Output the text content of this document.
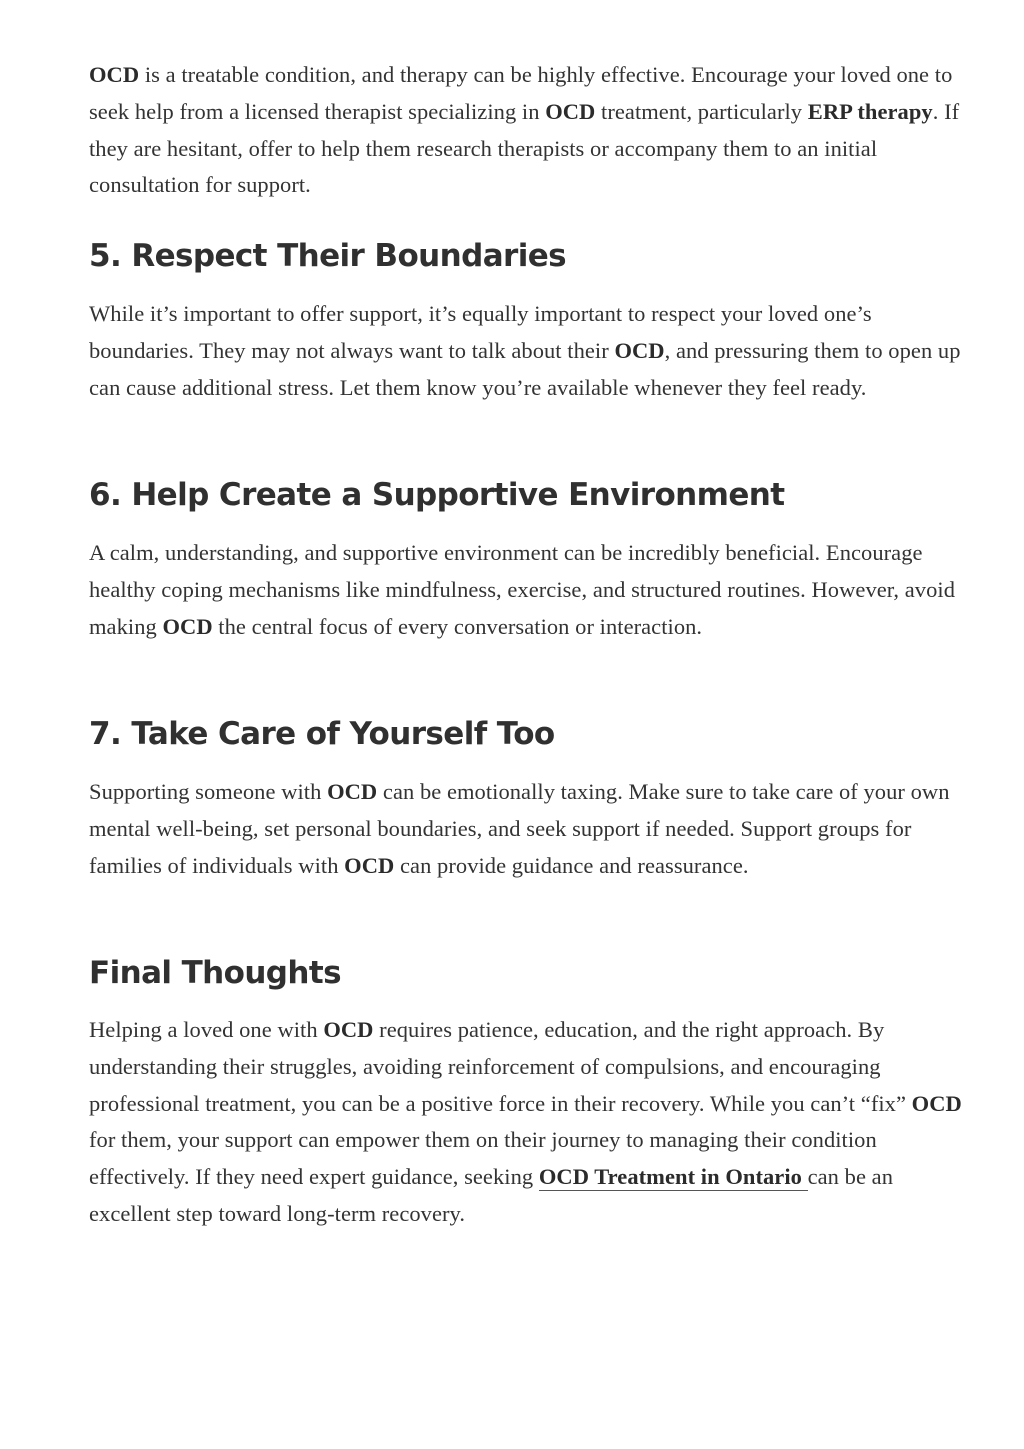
OCD is a treatable condition, and therapy can be highly effective. Encourage your loved one to seek help from a licensed therapist specializing in OCD treatment, particularly ERP therapy. If they are hesitant, offer to help them research therapists or accompany them to an initial consultation for support.

5. Respect Their Boundaries

While it’s important to offer support, it’s equally important to respect your loved one’s boundaries. They may not always want to talk about their OCD, and pressuring them to open up can cause additional stress. Let them know you’re available whenever they feel ready.

6. Help Create a Supportive Environment

A calm, understanding, and supportive environment can be incredibly beneficial. Encourage healthy coping mechanisms like mindfulness, exercise, and structured routines. However, avoid making OCD the central focus of every conversation or interaction.

7. Take Care of Yourself Too

Supporting someone with OCD can be emotionally taxing. Make sure to take care of your own mental well-being, set personal boundaries, and seek support if needed. Support groups for families of individuals with OCD can provide guidance and reassurance.

Final Thoughts

Helping a loved one with OCD requires patience, education, and the right approach. By understanding their struggles, avoiding reinforcement of compulsions, and encouraging professional treatment, you can be a positive force in their recovery. While you can’t “fix” OCD for them, your support can empower them on their journey to managing their condition effectively. If they need expert guidance, seeking OCD Treatment in Ontario can be an excellent step toward long-term recovery.
